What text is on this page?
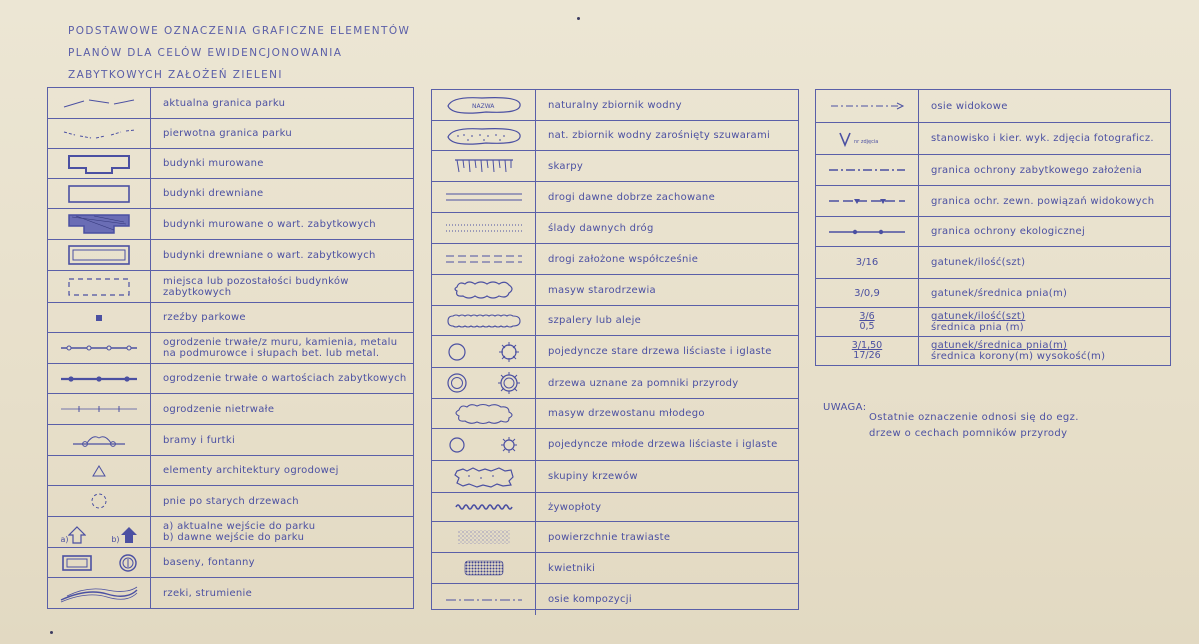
PODSTAWOWE OZNACZENIA GRAFICZNE ELEMENTÓW
PLANÓW DLA CELÓW EWIDENCJONOWANIA
ZABYTKOWYCH ZAŁOŻEŃ ZIELENI
aktualna granica parku
pierwotna granica parku
budynki murowane
budynki drewniane
budynki murowane o wart. zabytkowych
budynki drewniane o wart. zabytkowych
miejsca lub pozostałości budynków
zabytkowych
rzeźby parkowe
ogrodzenie trwałe/z muru, kamienia, metalu
na podmurowce i słupach bet. lub metal.
ogrodzenie trwałe o wartościach zabytkowych
ogrodzenie nietrwałe
bramy i furtki
elementy architektury ogrodowej
pnie po starych drzewach
a)	b)
a) aktualne wejście do parku
b) dawne wejście do parku
baseny, fontanny
rzeki, strumienie
NAZWA	naturalny zbiornik wodny
nat. zbiornik wodny zarośnięty szuwarami
skarpy
drogi dawne dobrze zachowane
ślady dawnych dróg
drogi założone współcześnie
masyw starodrzewia
szpalery lub aleje
pojedyncze stare drzewa liściaste i iglaste
drzewa uznane za pomniki przyrody
masyw drzewostanu młodego
pojedyncze młode drzewa liściaste i iglaste
skupiny krzewów
żywopłoty
powierzchnie trawiaste
kwietniki
osie kompozycji
osie widokowe
nr zdjęcia	stanowisko i kier. wyk. zdjęcia fotograficz.
granica ochrony zabytkowego założenia
granica ochr. zewn. powiązań widokowych
granica ochrony ekologicznej
3/16	gatunek/ilość(szt)
3/0,9	gatunek/średnica pnia(m)
$\frac{3/6}{0,5}$ gatunek/ilość(szt)
średnica pnia (m)
$\frac{3/1,50}{17/26}$ gatunek/średnica pnia(m)
średnica korony(m) wysokość(m)
UWAGA:
Ostatnie oznaczenie odnosi się do egz.
drzew o cechach pomników przyrody
